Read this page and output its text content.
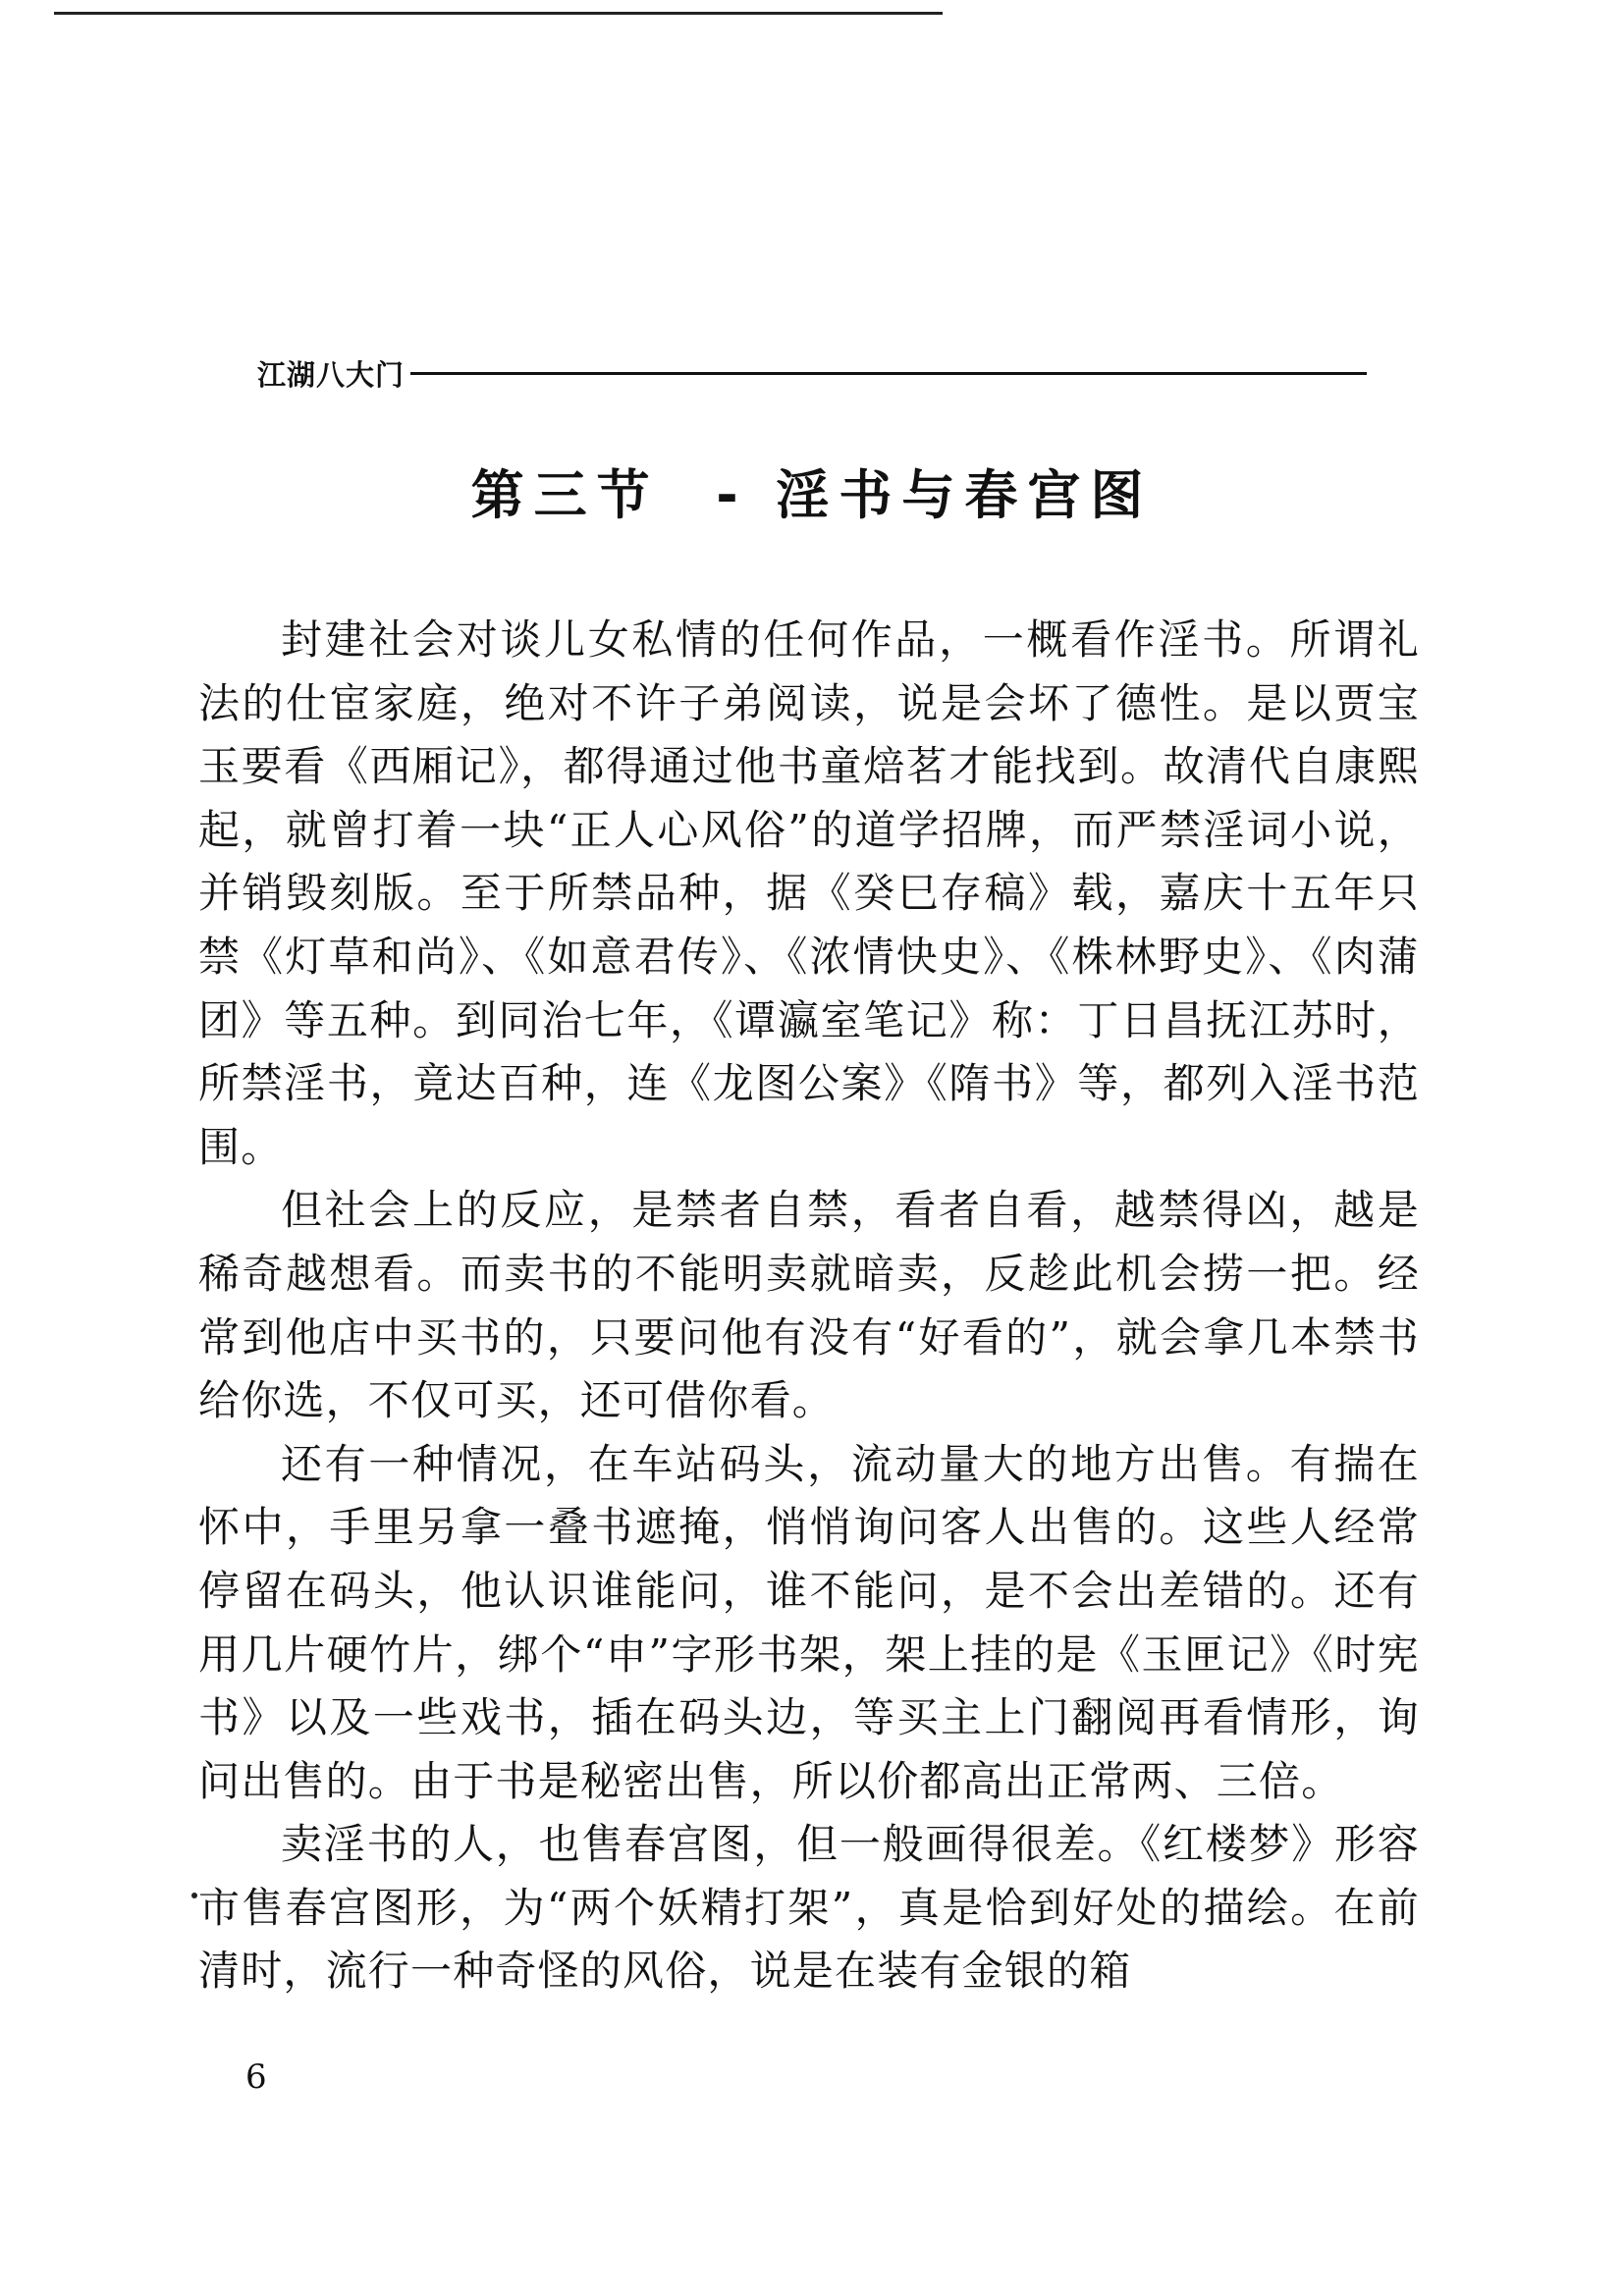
江湖八大门
第三节  - 淫书与春宫图

封建社会对谈儿女私情的任何作品，一概看作淫书。所谓礼法的仕宦家庭，绝对不许子弟阅读，说是会坏了德性。是以贾宝玉要看《西厢记》，都得通过他书童焙茗才能找到。故清代自康熙起，就曾打着一块“正人心风俗”的道学招牌，而严禁淫词小说，并销毁刻版。至于所禁品种，据《癸巳存稿》载，嘉庆十五年只禁《灯草和尚》、《如意君传》、《浓情快史》、《株林野史》、《肉蒲团》等五种。到同治七年，《谭瀛室笔记》称：丁日昌抚江苏时，所禁淫书，竟达百种，连《龙图公案》《隋书》等，都列入淫书范围。

但社会上的反应，是禁者自禁，看者自看，越禁得凶，越是稀奇越想看。而卖书的不能明卖就暗卖，反趁此机会捞一把。经常到他店中买书的，只要问他有没有“好看的”，就会拿几本禁书给你选，不仅可买，还可借你看。

还有一种情况，在车站码头，流动量大的地方出售。有揣在怀中，手里另拿一叠书遮掩，悄悄询问客人出售的。这些人经常停留在码头，他认识谁能问，谁不能问，是不会出差错的。还有用几片硬竹片，绑个“申”字形书架，架上挂的是《玉匣记》《时宪书》以及一些戏书，插在码头边，等买主上门翻阅再看情形，询问出售的。由于书是秘密出售，所以价都高出正常两、三倍。

卖淫书的人，也售春宫图，但一般画得很差。《红楼梦》形容市售春宫图形，为“两个妖精打架”，真是恰到好处的描绘。在前清时，流行一种奇怪的风俗，说是在装有金银的箱

6
